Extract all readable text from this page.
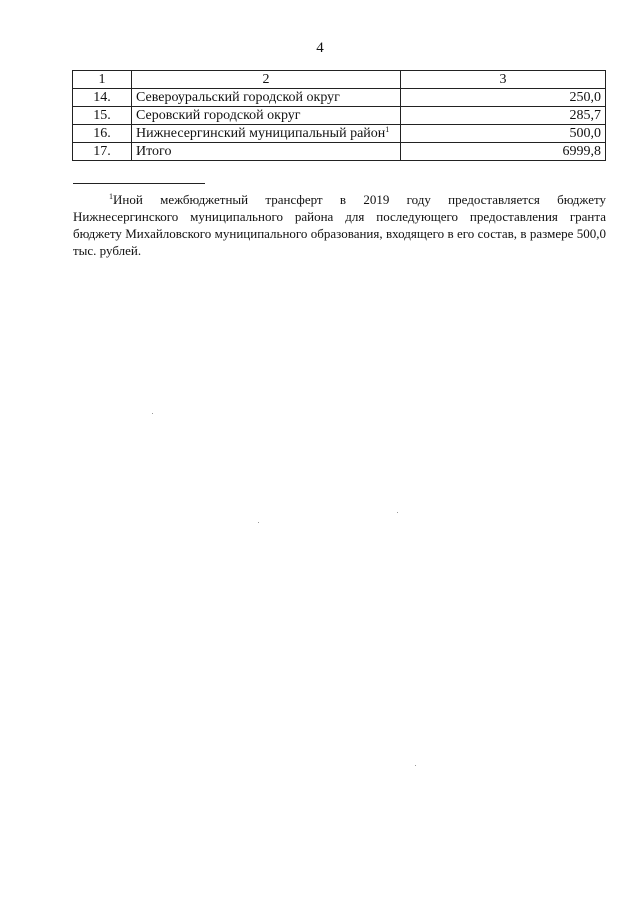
4
1	2	3
14.	Североуральский городской округ	250,0
15.	Серовский городской округ	285,7
16.	Нижнесергинский муниципальный район$^1$	500,0
17.	Итого	6999,8
$^1$Иной межбюджетный трансферт в 2019 году предоставляется бюджету Нижнесергинского муниципального района для последующего предоставления гранта бюджету Михайловского муниципального образования, входящего в его состав, в размере 500,0 тыс. рублей.
